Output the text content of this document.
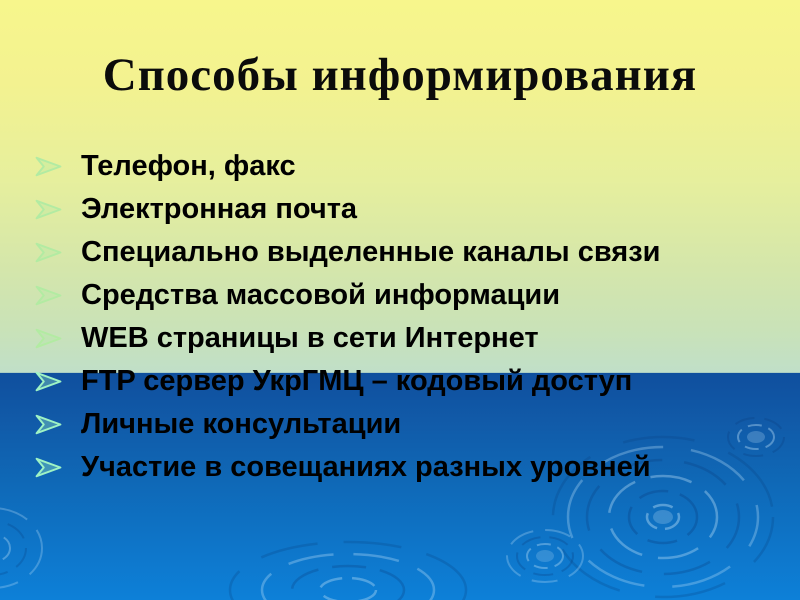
Способы информирования
Телефон, факс
Электронная почта
Специально выделенные каналы связи
Средства массовой информации
WEB страницы в сети Интернет
FTP сервер УкрГМЦ – кодовый доступ
Личные консультации
Участие в совещаниях разных уровней
